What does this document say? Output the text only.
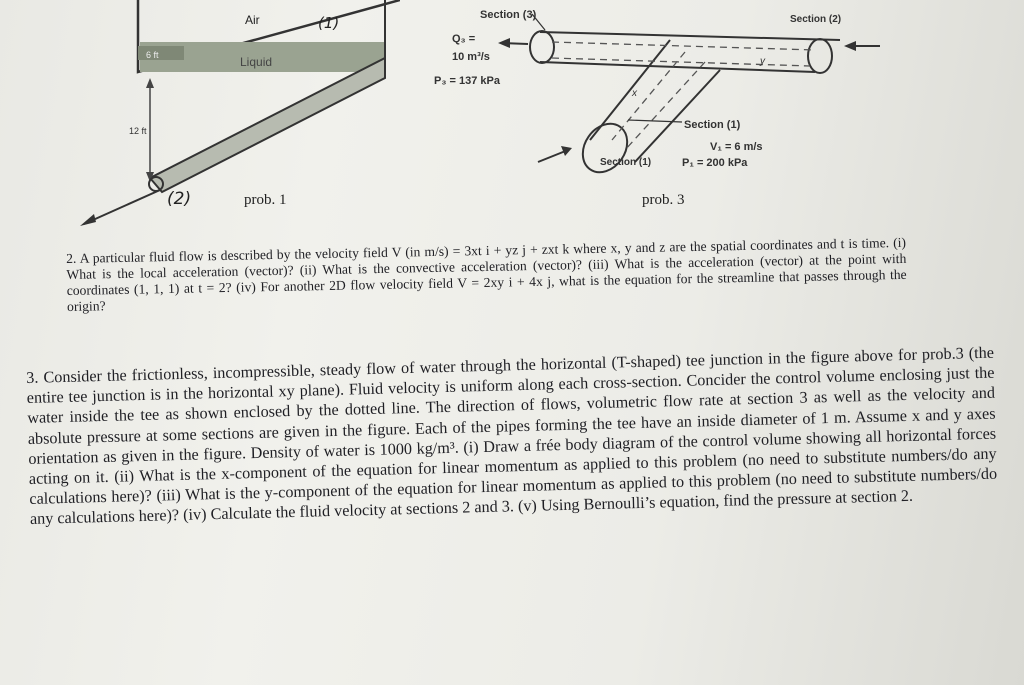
Air	(1)
Liquid
6 ft
12 ft
(2)	prob. 1
Section (3)	Section (2)
Q₃ =
10 m³/s
P₃ = 137 kPa
y
x
Section (1)
V₁ = 6 m/s
Section (1)	P₁ = 200 kPa
prob. 3

2. A particular fluid flow is described by the velocity field V (in m/s) = 3xt i + yz j + zxt k where x, y and z are the spatial coordinates and t is time. (i) What is the local acceleration (vector)? (ii) What is the convective acceleration (vector)? (iii) What is the acceleration (vector) at the point with coordinates (1, 1, 1) at t = 2? (iv) For another 2D flow velocity field V = 2xy i + 4x j, what is the equation for the streamline that passes through the origin?

3. Consider the frictionless, incompressible, steady flow of water through the horizontal (T-shaped) tee junction in the figure above for prob.3 (the entire tee junction is in the horizontal xy plane). Fluid velocity is uniform along each cross-section. Concider the control volume enclosing just the water inside the tee as shown enclosed by the dotted line. The direction of flows, volumetric flow rate at section 3 as well as the velocity and absolute pressure at some sections are given in the figure. Each of the pipes forming the tee have an inside diameter of 1 m. Assume x and y axes orientation as given in the figure. Density of water is 1000 kg/m³. (i) Draw a frée body diagram of the control volume showing all horizontal forces acting on it. (ii) What is the x-component of the equation for linear momentum as applied to this problem (no need to substitute numbers/do any calculations here)? (iii) What is the y-component of the equation for linear momentum as applied to this problem (no need to substitute numbers/do any calculations here)? (iv) Calculate the fluid velocity at sections 2 and 3. (v) Using Bernoulli’s equation, find the pressure at section 2.
